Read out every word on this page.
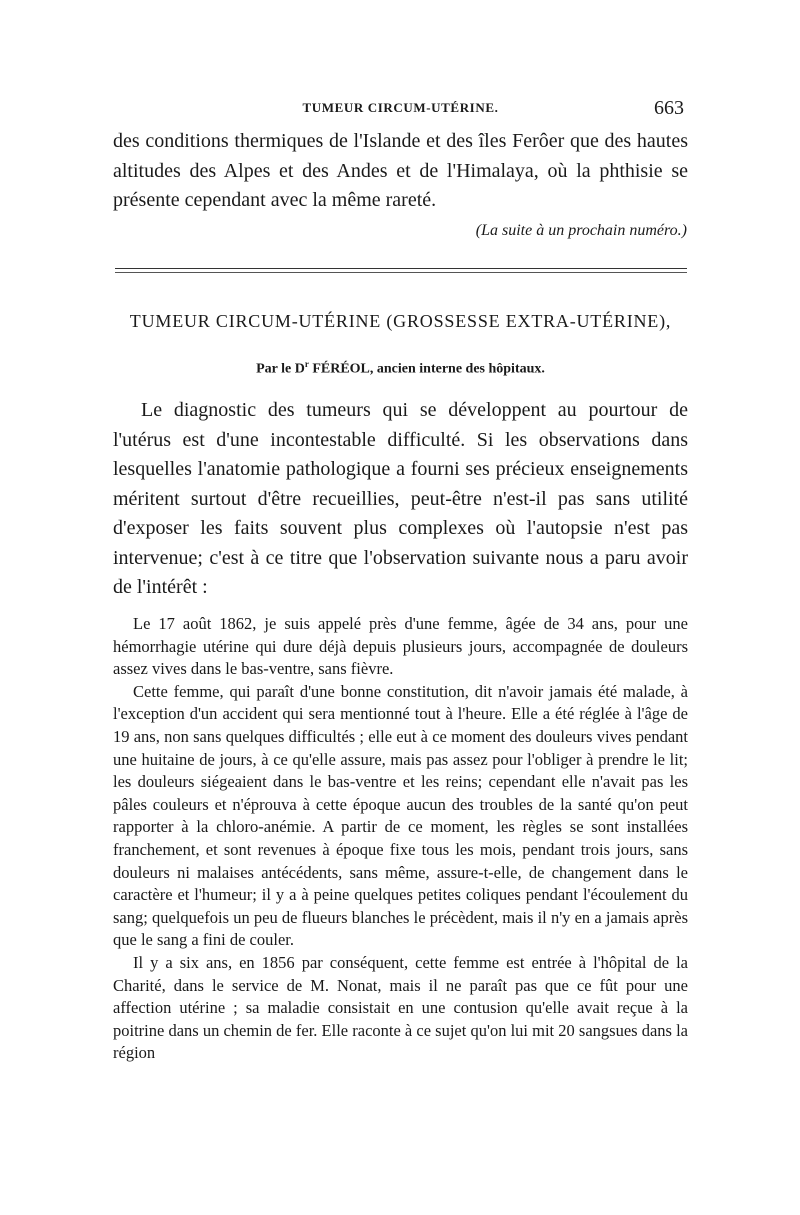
TUMEUR CIRCUM-UTÉRINE.	663

des conditions thermiques de l'Islande et des îles Ferôer que des hautes altitudes des Alpes et des Andes et de l'Himalaya, où la phthisie se présente cependant avec la même rareté.

(La suite à un prochain numéro.)
TUMEUR CIRCUM-UTÉRINE (GROSSESSE EXTRA-UTÉRINE),
Par le $D^r$ FÉRÉOL, ancien interne des hôpitaux.

Le diagnostic des tumeurs qui se développent au pourtour de l'utérus est d'une incontestable difficulté. Si les observations dans lesquelles l'anatomie pathologique a fourni ses précieux enseignements méritent surtout d'être recueillies, peut-être n'est-il pas sans utilité d'exposer les faits souvent plus complexes où l'autopsie n'est pas intervenue; c'est à ce titre que l'observation suivante nous a paru avoir de l'intérêt :

Le 17 août 1862, je suis appelé près d'une femme, âgée de 34 ans, pour une hémorrhagie utérine qui dure déjà depuis plusieurs jours, accompagnée de douleurs assez vives dans le bas-ventre, sans fièvre.

Cette femme, qui paraît d'une bonne constitution, dit n'avoir jamais été malade, à l'exception d'un accident qui sera mentionné tout à l'heure. Elle a été réglée à l'âge de 19 ans, non sans quelques difficultés ; elle eut à ce moment des douleurs vives pendant une huitaine de jours, à ce qu'elle assure, mais pas assez pour l'obliger à prendre le lit; les douleurs siégeaient dans le bas-ventre et les reins; cependant elle n'avait pas les pâles couleurs et n'éprouva à cette époque aucun des troubles de la santé qu'on peut rapporter à la chloro-anémie. A partir de ce moment, les règles se sont installées franchement, et sont revenues à époque fixe tous les mois, pendant trois jours, sans douleurs ni malaises antécédents, sans même, assure-t-elle, de changement dans le caractère et l'humeur; il y a à peine quelques petites coliques pendant l'écoulement du sang; quelquefois un peu de flueurs blanches le précèdent, mais il n'y en a jamais après que le sang a fini de couler.

Il y a six ans, en 1856 par conséquent, cette femme est entrée à l'hôpital de la Charité, dans le service de M. Nonat, mais il ne paraît pas que ce fût pour une affection utérine ; sa maladie consistait en une contusion qu'elle avait reçue à la poitrine dans un chemin de fer. Elle raconte à ce sujet qu'on lui mit 20 sangsues dans la région
